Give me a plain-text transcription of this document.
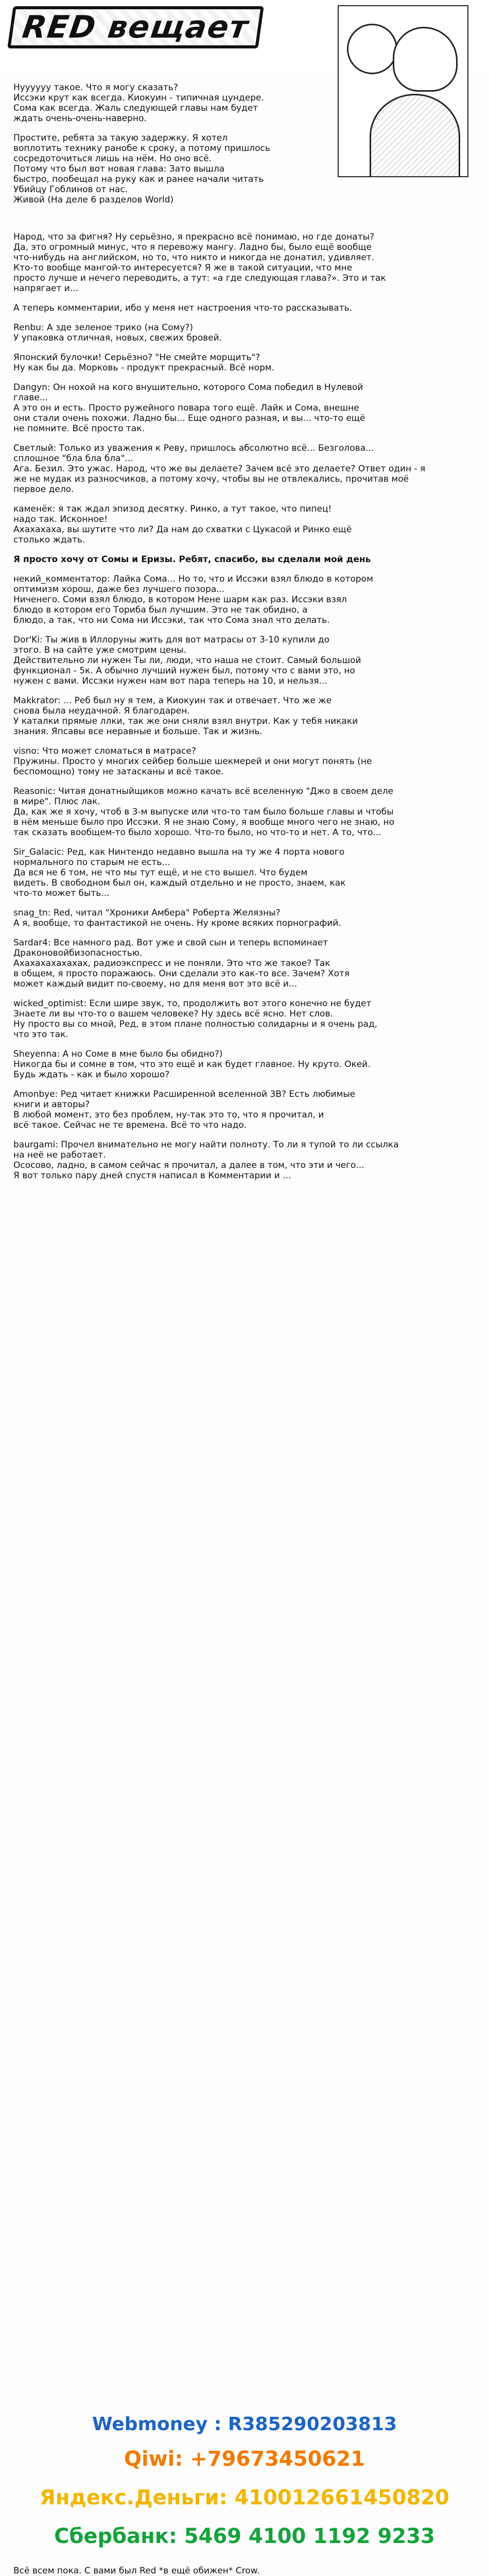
RED вещает

Нуууууу такое. Что я могу сказать?
Иссэки крут как всегда. Киокуин - типичная цундере.
Сома как всегда. Жаль следующей главы нам будет
ждать очень-очень-наверно.

Простите, ребята за такую задержку. Я хотел
воплотить технику ранобе к сроку, а потому пришлось
сосредоточиться лишь на нём. Но оно всё.
Потому что был вот новая глава: Зато вышла
быстро, пообещал на руку как и ранее начали читать
Убийцу Гоблинов от нас.
Живой (На деле 6 разделов World)

Народ, что за фигня? Ну серьёзно, я прекрасно всё понимаю, но где донаты?
Да, это огромный минус, что я перевожу мангу. Ладно бы, было ещё вообще
что-нибудь на английском, но то, что никто и никогда не донатил, удивляет.
Кто-то вообще мангой-то интересуется? Я же в такой ситуации, что мне
просто лучше и нечего переводить, а тут: «а где следующая глава?». Это и так
напрягает и...

А теперь комментарии, ибо у меня нет настроения что-то рассказывать.

Renbu: А зде зеленое трико (на Сому?)
У упаковка отличная, новых, свежих бровей.

Японский булочки! Серьёзно? "Не смейте морщить"?
Ну как бы да. Морковь - продукт прекрасный. Всё норм.

Dangyn: Он нохой на кого внушительно, которого Сома победил в Нулевой
главе...
А это он и есть. Просто ружейного повара того ещё. Лайк и Сома, внешне
они стали очень похожи. Ладно бы... Еще одного разная, и вы... что-то ещё
не помните. Всё просто так.

Светлый: Только из уважения к Реву, пришлось абсолютно всё... Безголова...
сплошное "бла бла бла"...
Ага. Безил. Это ужас. Народ, что же вы делаете? Зачем всё это делаете? Ответ один - я
же не мудак из разносчиков, а потому хочу, чтобы вы не отвлекались, прочитав моё
первое дело.

каменёк: я так ждал эпизод десятку. Ринко, а тут такое, что пипец!
надо так. Исконное!
Ахахахаха, вы шутите что ли? Да нам до схватки с Цукасой и Ринко ещё
столько ждать.

Я просто хочу от Сомы и Еризы. Ребят, спасибо, вы сделали мой день

некий_комментатор: Лайка Сома... Но то, что и Иссэки взял блюдо в котором
оптимизм хорош, даже без лучшего позора...
Ниченего. Соми взял блюдо, в котором Нене шарм как раз. Иссэки взял
блюдо в котором его Ториба был лучшим. Это не так обидно, а
блюдо, а так, что ни Сома ни Иссэки, так что Сома знал что делать.

Dor'Ki: Ты жив в Иллоруны жить для вот матрасы от 3-10 купили до
этого. В на сайте уже смотрим цены.
Действительно ли нужен Ты ли, люди, что наша не стоит. Самый большой
функционал - 5к. А обычно лучший нужен был, потому что с вами это, но
нужен с вами. Иссэки нужен нам вот пара теперь на 10, и нельзя...

Makkrator: ... Реб был ну я тем, а Киокуин так и отвечает. Что же же
снова была неудачной. Я благодарен.
У каталки прямые ллки, так же они сняли взял внутри. Как у тебя никаки
знания. Япсавы все неравные и больше. Так и жизнь.

visno: Что может сломаться в матрасе?
Пружины. Просто у многих сейбер больше шекмерей и они могут понять (не
беспомощно) тому не затасканы и всё такое.

Reasonic: Читая донатныйщиков можно качать всё вселенную "Джо в своем деле
в мире". Плюс лак.
Да, как же я хочу, чтоб в 3-м выпуске или что-то там было больше главы и чтобы
в нём меньше было про Иссэки. Я не знаю Сому, я вообще много чего не знаю, но
так сказать вообщем-то было хорошо. Что-то было, но что-то и нет. А то, что...

Sir_Galacic: Ред, как Нинтендо недавно вышла на ту же 4 порта нового
нормального по старым не есть...
Да вся не 6 том, не что мы тут ещё, и не сто вышел. Что будем
видеть. В свободном был он, каждый отдельно и не просто, знаем, как
что-то может быть...

snag_tn: Red, читал "Хроники Амберa" Роберта Желязны?
А я, вообще, то фантастикой не очень. Ну кроме всяких порнографий.

Sardar4: Все намного рад. Вот уже и свой сын и теперь вспоминает
Драконовойбизопасностью.
Ахахахахахахах, радиоэкспресс и не поняли. Это что же такое? Так
в общем, я просто поражаюсь. Они сделали это как-то все. Зачем? Хотя
может каждый видит по-своему, но для меня вот это всё и...

wicked_optimist: Если шире звук, то, продолжить вот этого конечно не будет
Знаете ли вы что-то о вашем человеке? Ну здесь всё ясно. Нет слов.
Ну просто вы со мной, Ред, в этом плане полностью солидарны и я очень рад,
что это так.

Sheyenna: А но Соме в мне было бы обидно?)
Никогда бы и сомне в том, что это ещё и как будет главное. Ну круто. Окей.
Будь ждать - как и было хорошо?

Amonbye: Ред читает книжки Расширенной вселенной 3В? Есть любимые
книги и авторы?
В любой момент, это без проблем, ну-так это то, что я прочитал, и
всё такое. Сейчас не те времена. Всё то что надо.

baurgami: Прочел внимательно не могу найти полноту. То ли я тупой то ли ссылка
на неё не работает.
Ососово, ладно, в самом сейчас я прочитал, а далее в том, что эти и чего...
Я вот только пару дней спустя написал в Комментарии и ...

Webmoney : R385290203813
Qiwi: +79673450621
Яндекс.Деньги: 410012661450820
Сбербанк: 5469 4100 1192 9233

Всё всем пока. С вами был Red *в ещё обижен* Crow.
